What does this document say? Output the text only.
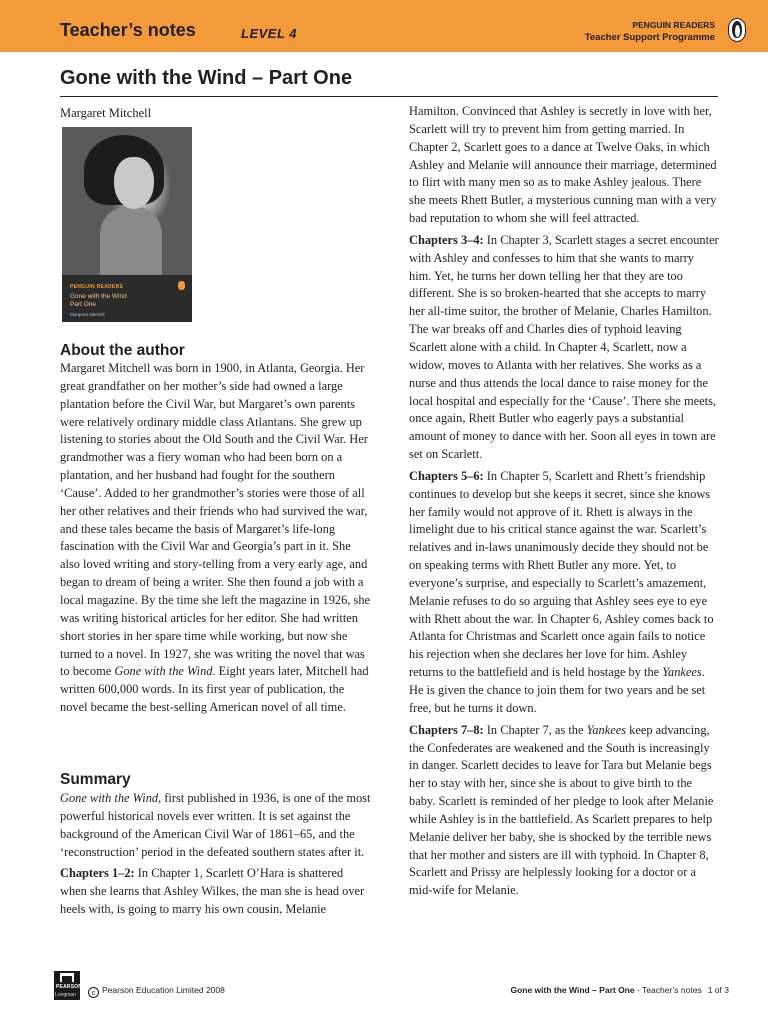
Teacher’s notes	LEVEL 4
PENGUIN READERS
Teacher Support Programme
Gone with the Wind – Part One
Margaret Mitchell
PENGUIN READERS
Gone with the Wind
Part One
Margaret Mitchell
About the author

Margaret Mitchell was born in 1900, in Atlanta, Georgia. Her great grandfather on her mother’s side had owned a large plantation before the Civil War, but Margaret’s own parents were relatively ordinary middle class Atlantans. She grew up listening to stories about the Old South and the Civil War. Her grandmother was a fiery woman who had been born on a plantation, and her husband had fought for the southern ‘Cause’. Added to her grandmother’s stories were those of all her other relatives and their friends who had survived the war, and these tales became the basis of Margaret’s life-long fascination with the Civil War and Georgia’s part in it. She also loved writing and story-telling from a very early age, and began to dream of being a writer. She then found a job with a local magazine. By the time she left the magazine in 1926, she was writing historical articles for her editor. She had written short stories in her spare time while working, but now she turned to a novel. In 1927, she was writing the novel that was to become Gone with the Wind. Eight years later, Mitchell had written 600,000 words. In its first year of publication, the novel became the best-selling American novel of all time.

Summary

Gone with the Wind, first published in 1936, is one of the most powerful historical novels ever written. It is set against the background of the American Civil War of 1861–65, and the ‘reconstruction’ period in the defeated southern states after it.

Chapters 1–2: In Chapter 1, Scarlett O’Hara is shattered when she learns that Ashley Wilkes, the man she is head over heels with, is going to marry his own cousin, Melanie

Hamilton. Convinced that Ashley is secretly in love with her, Scarlett will try to prevent him from getting married. In Chapter 2, Scarlett goes to a dance at Twelve Oaks, in which Ashley and Melanie will announce their marriage, determined to flirt with many men so as to make Ashley jealous. There she meets Rhett Butler, a mysterious cunning man with a very bad reputation to whom she will feel attracted.

Chapters 3–4: In Chapter 3, Scarlett stages a secret encounter with Ashley and confesses to him that she wants to marry him. Yet, he turns her down telling her that they are too different. She is so broken-hearted that she accepts to marry her all-time suitor, the brother of Melanie, Charles Hamilton. The war breaks off and Charles dies of typhoid leaving Scarlett alone with a child. In Chapter 4, Scarlett, now a widow, moves to Atlanta with her relatives. She works as a nurse and thus attends the local dance to raise money for the local hospital and especially for the ‘Cause’. There she meets, once again, Rhett Butler who eagerly pays a substantial amount of money to dance with her. Soon all eyes in town are set on Scarlett.

Chapters 5–6: In Chapter 5, Scarlett and Rhett’s friendship continues to develop but she keeps it secret, since she knows her family would not approve of it. Rhett is always in the limelight due to his critical stance against the war. Scarlett’s relatives and in-laws unanimously decide they should not be on speaking terms with Rhett Butler any more. Yet, to everyone’s surprise, and especially to Scarlett’s amazement, Melanie refuses to do so arguing that Ashley sees eye to eye with Rhett about the war. In Chapter 6, Ashley comes back to Atlanta for Christmas and Scarlett once again fails to notice his rejection when she declares her love for him. Ashley returns to the battlefield and is held hostage by the Yankees. He is given the chance to join them for two years and be set free, but he turns it down.

Chapters 7–8: In Chapter 7, as the Yankees keep advancing, the Confederates are weakened and the South is increasingly in danger. Scarlett decides to leave for Tara but Melanie begs her to stay with her, since she is about to give birth to the baby. Scarlett is reminded of her pledge to look after Melanie while Ashley is in the battlefield. As Scarlett prepares to help Melanie deliver her baby, she is shocked by the terrible news that her mother and sisters are ill with typhoid. In Chapter 8, Scarlett and Prissy are helplessly looking for a doctor or a mid-wife for Melanie.

PEARSON
Longman	c Pearson Education Limited 2008	Gone with the Wind – Part One - Teacher’s notes 1 of 3
